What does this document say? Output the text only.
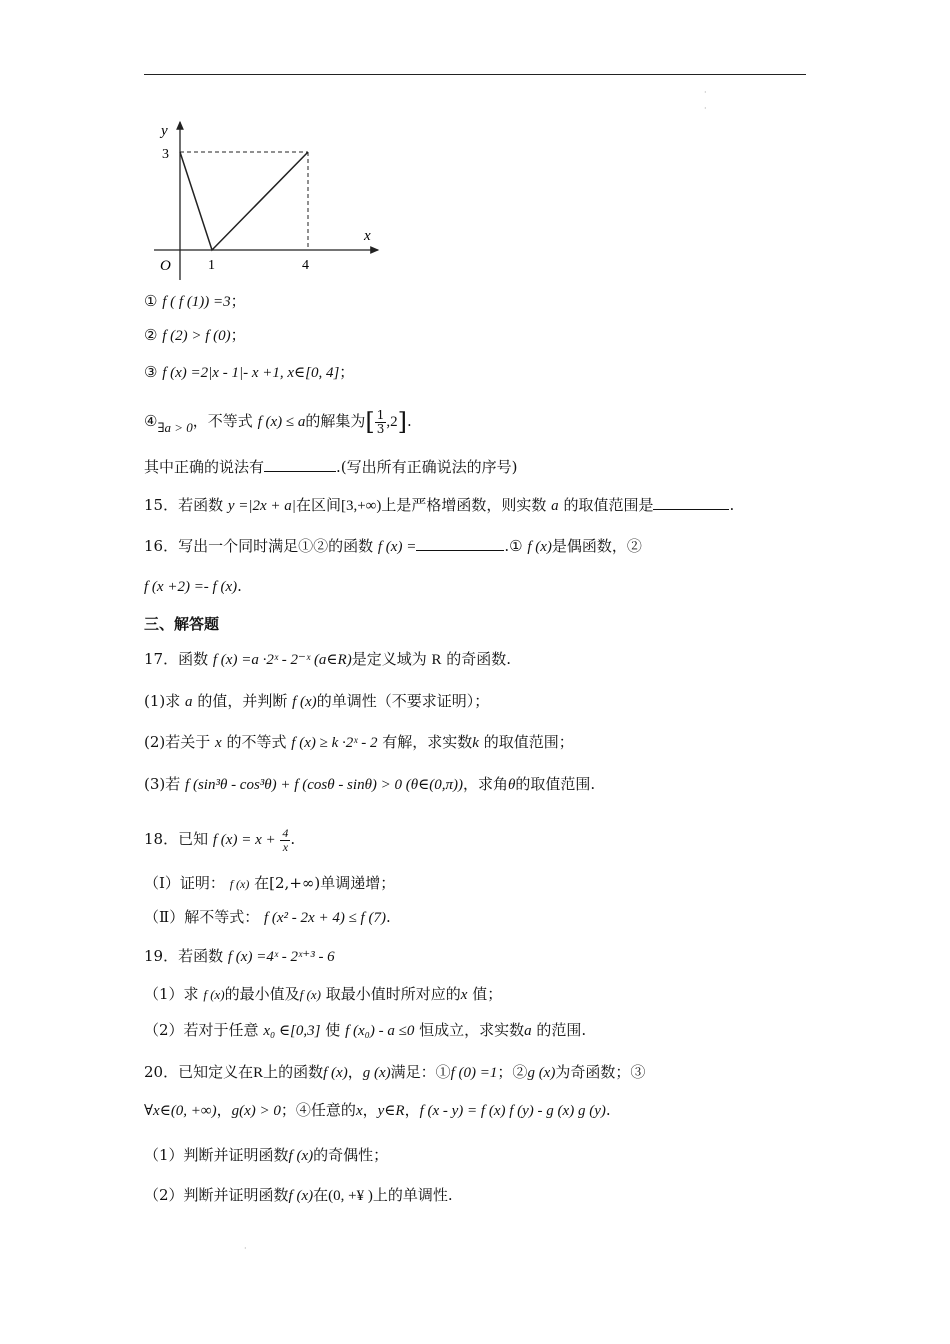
·
·
·
y
x
O
3
1	4
① f ( f (1)) =3；
② f (2) > f (0)；
③ f (x) =2|x - 1|- x +1, x∈[0, 4]；
④∃a > 0，不等式 f (x) ≤ a的解集为[ $\frac{1}{3} ,2$].
其中正确的说法有	.(写出所有正确说法的序号)
15．若函数 y =|2x + a|在区间[3,+∞)上是严格增函数，则实数 a 的取值范围是	.
16．写出一个同时满足①②的函数 f (x) =	.① f (x)是偶函数，②
f (x +2) =- f (x).
三、解答题
17．函数 f (x) =a ·2ˣ - 2⁻ˣ (a∈R)是定义域为 R 的奇函数.
(1)求 a 的值，并判断 f (x)的单调性（不要求证明）；
(2)若关于 x 的不等式 f (x) ≥ k ·2ˣ - 2 有解，求实数k 的取值范围；
(3)若 f (sin³θ - cos³θ) + f (cosθ - sinθ) > 0 (θ∈(0,π))，求角θ的取值范围.
18．已知 f $(x) = x + \frac{4}{x}$ .
（Ⅰ）证明： f (x) 在[2,+∞)单调递增；
（Ⅱ）解不等式： f (x² - 2x + 4) ≤ f (7).
19．若函数 f (x) =4ˣ - 2ˣ⁺³ - 6
（1）求 f (x)的最小值及f (x) 取最小值时所对应的x 值；
（2）若对于任意 x₀ ∈[0,3] 使 f (x₀) - a ≤0 恒成立，求实数a 的范围.
20．已知定义在R上的函数f (x)，g (x)满足：①f (0) =1；②g (x)为奇函数；③
∀x∈(0, +∞)，g(x) > 0；④任意的x，y∈R，f (x - y) = f (x) f (y) - g (x) g (y).
（1）判断并证明函数f (x)的奇偶性；
（2）判断并证明函数f (x)在(0, +¥ )上的单调性.
